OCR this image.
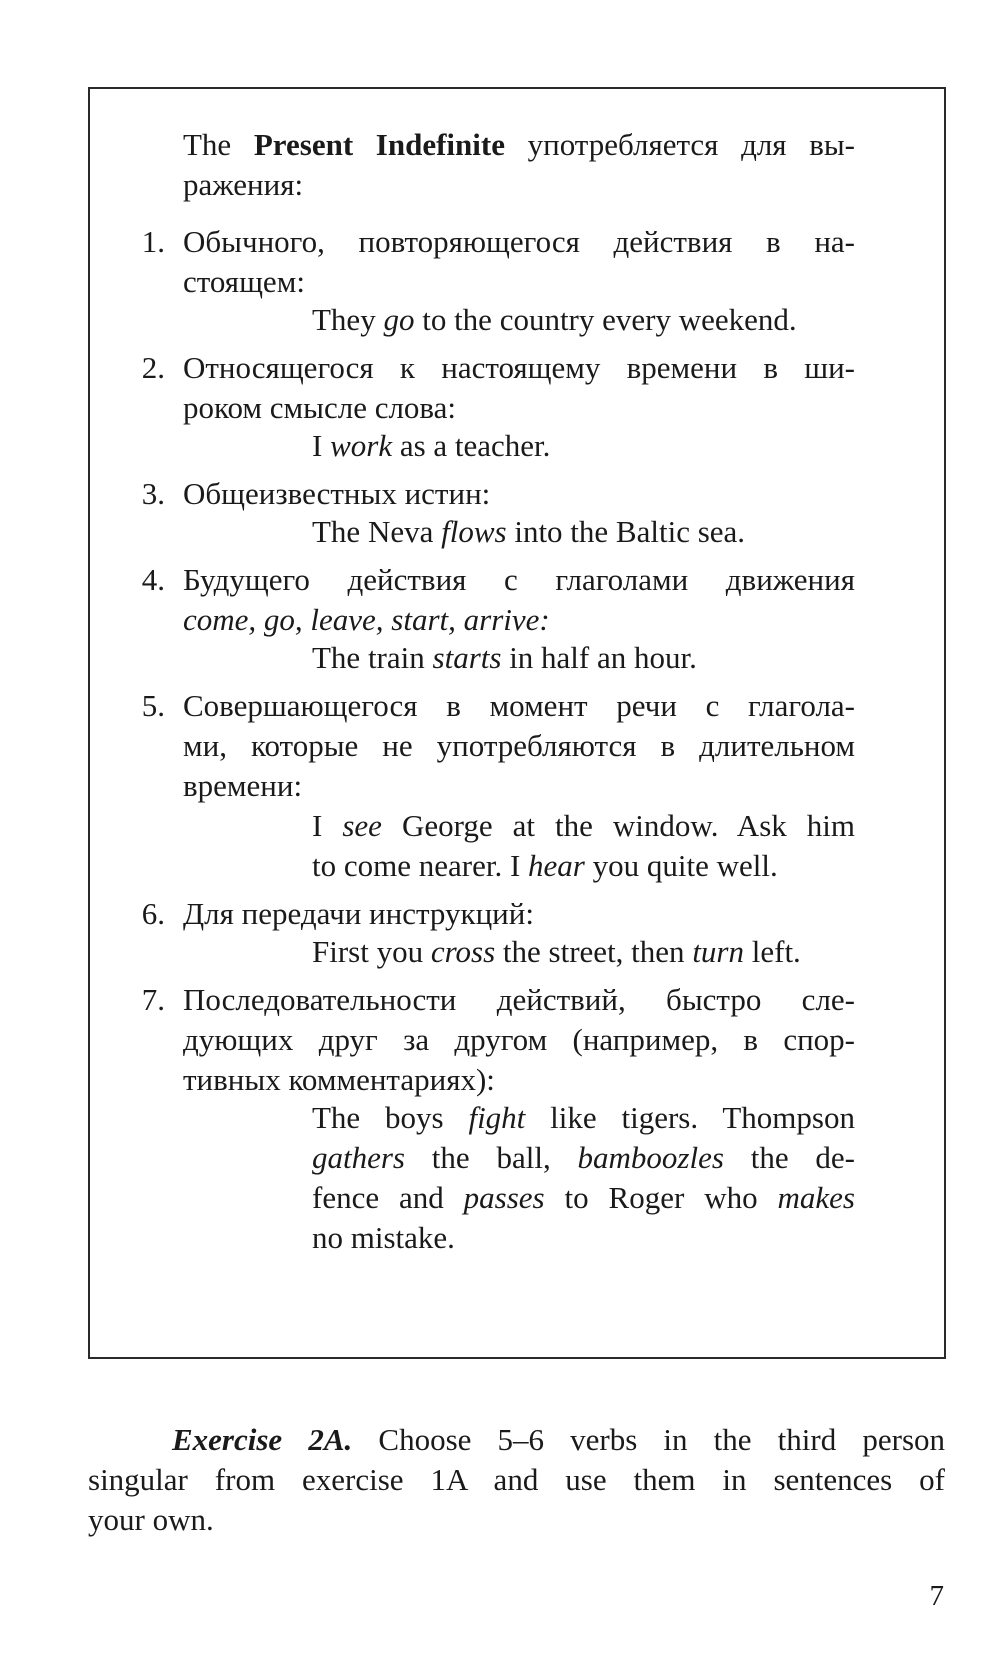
The Present Indefinite употребляется для вы-
ражения:
1. Обычного, повторяющегося действия в на-
стоящем:
They go to the country every weekend.
2. Относящегося к настоящему времени в ши-
роком смысле слова:
I work as a teacher.
3. Общеизвестных истин:
The Neva flows into the Baltic sea.
4. Будущего действия с глаголами движения
come, go, leave, start, arrive:
The train starts in half an hour.
5. Совершающегося в момент речи с глагола-
ми, которые не употребляются в длительном
времени:
I see George at the window. Ask him
to come nearer. I hear you quite well.
6. Для передачи инструкций:
First you cross the street, then turn left.
7. Последовательности действий, быстро сле-
дующих друг за другом (например, в спор-
тивных комментариях):
The boys fight like tigers. Thompson
gathers the ball, bamboozles the de-
fence and passes to Roger who makes
no mistake.
Exercise 2A. Choose 5–6 verbs in the third person
singular from exercise 1A and use them in sentences of
your own.
7
